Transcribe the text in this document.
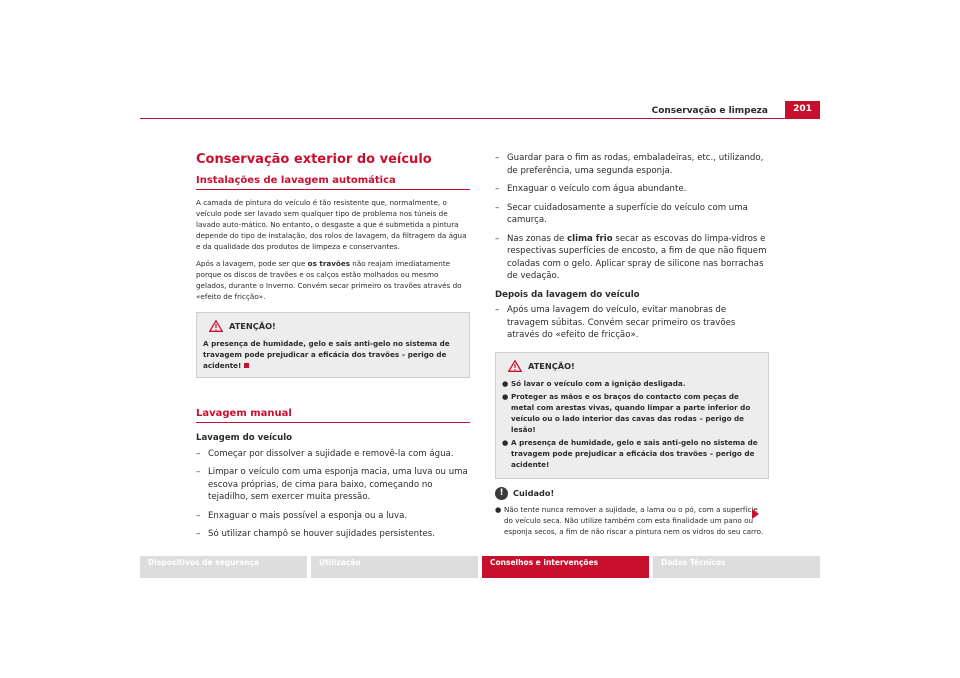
Conservação e limpeza	201
Conservação exterior do veículo
Instalações de lavagem automática

A camada de pintura do veículo é tão resistente que, normalmente, o veículo pode ser lavado sem qualquer tipo de problema nos túneis de lavado auto-mático. No entanto, o desgaste a que é submetida a pintura depende do tipo de instalação, dos rolos de lavagem, da filtragem da água e da qualidade dos produtos de limpeza e conservantes.

Após a lavagem, pode ser que os travões não reajam imediatamente porque os discos de travões e os calços estão molhados ou mesmo gelados, durante o Inverno. Convém secar primeiro os travões através do «efeito de fricção».

ATENÇÃO!

A presença de humidade, gelo e sais anti-gelo no sistema de travagem pode prejudicar a eficácia dos travões – perigo de acidente!

Lavagem manual

Lavagem do veículo

– Começar por dissolver a sujidade e removê-la com água.

– Limpar o veículo com uma esponja macia, uma luva ou uma escova próprias, de cima para baixo, começando no tejadilho, sem exercer muita pressão.

– Enxaguar o mais possível a esponja ou a luva.

– Só utilizar champô se houver sujidades persistentes.

– Guardar para o fim as rodas, embaladeiras, etc., utilizando, de preferência, uma segunda esponja.

– Enxaguar o veículo com água abundante.

– Secar cuidadosamente a superfície do veículo com uma camurça.

– Nas zonas de clima frio secar as escovas do limpa-vidros e respectivas superfícies de encosto, a fim de que não fiquem coladas com o gelo. Aplicar spray de silicone nas borrachas de vedação.

Depois da lavagem do veículo

– Após uma lavagem do veículo, evitar manobras de travagem súbitas. Convém secar primeiro os travões através do «efeito de fricção».

ATENÇÃO!

● Só lavar o veículo com a ignição desligada.

● Proteger as mãos e os braços do contacto com peças de metal com arestas vivas, quando limpar a parte inferior do veículo ou o lado interior das cavas das rodas – perigo de lesão!

● A presença de humidade, gelo e sais anti-gelo no sistema de travagem pode prejudicar a eficácia dos travões – perigo de acidente!

!	Cuidado!

● Não tente nunca remover a sujidade, a lama ou o pó, com a superfície do veículo seca. Não utilize também com esta finalidade um pano ou esponja secos, a fim de não riscar a pintura nem os vidros do seu carro.

Dispositivos de segurança	Utilização	Conselhos e intervenções	Dados Técnicos
